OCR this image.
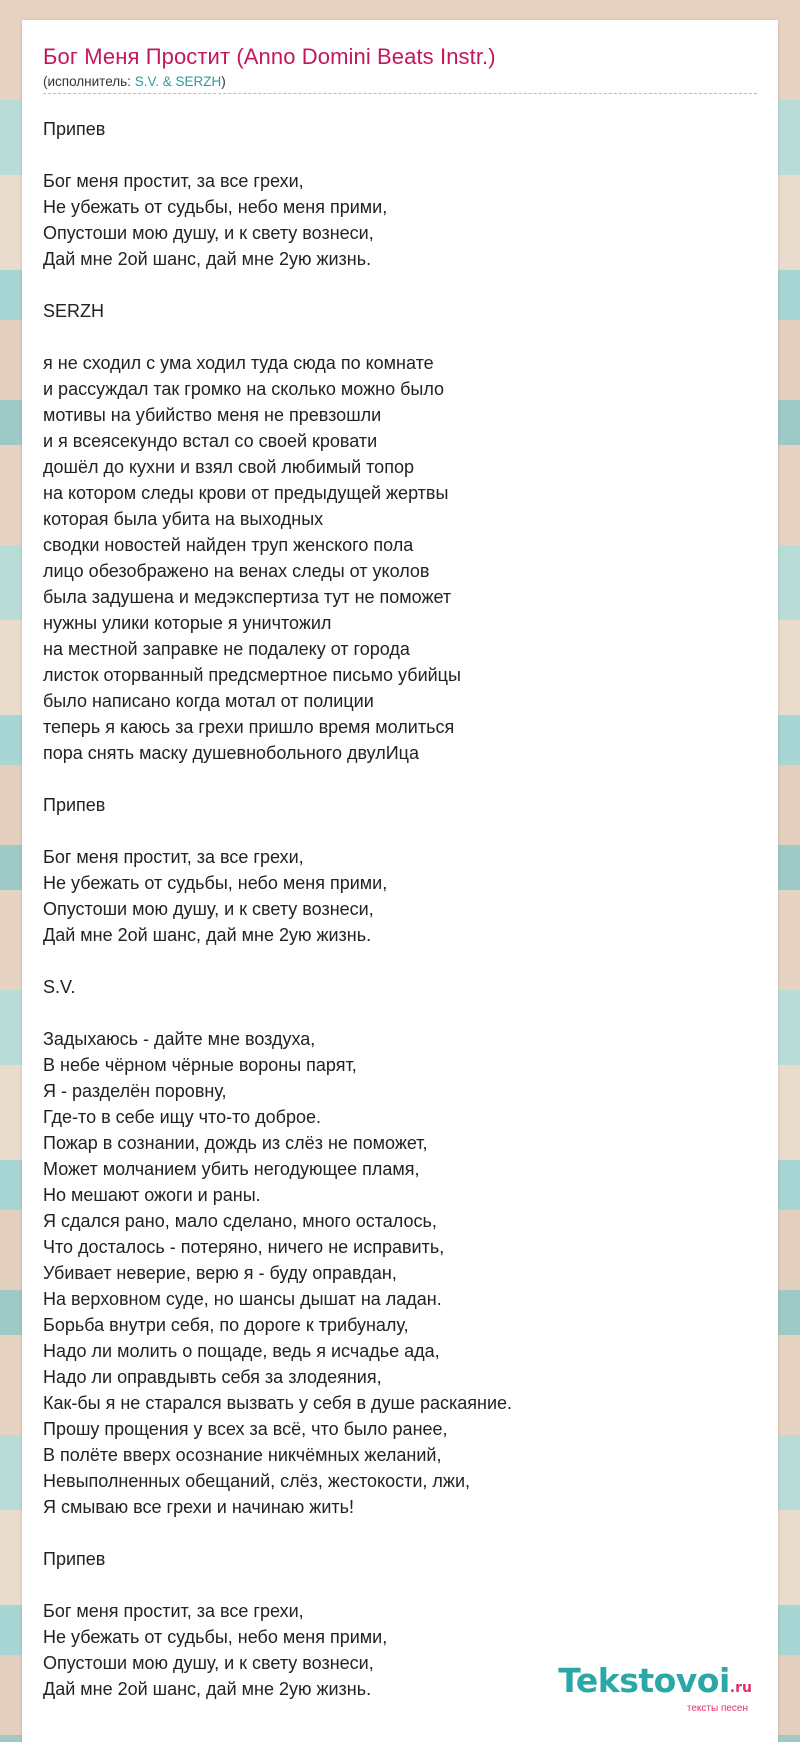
Бог Меня Простит (Anno Domini Beats Instr.)
(исполнитель: S.V. & SERZH)
Припев
Бог меня простит, за все грехи,
Не убежать от судьбы, небо меня прими,
Опустоши мою душу, и к свету вознеси,
Дай мне 2ой шанс, дай мне 2ую жизнь.
SERZH
я не сходил с ума ходил туда сюда по комнате
и рассуждал так громко на сколько можно было
мотивы на убийство меня не превзошли
и я всеясекундо встал со своей кровати
дошёл до кухни и взял свой любимый топор
на котором следы крови от предыдущей жертвы
которая была убита на выходных
сводки новостей найден труп женского пола
лицо обезображено на венах следы от уколов
была задушена и медэкспертиза тут не поможет
нужны улики которые я уничтожил
на местной заправке не подалеку от города
листок оторванный предсмертное письмо убийцы
было написано когда мотал от полиции
теперь я каюсь за грехи пришло время молиться
пора снять маску душевнобольного двулИца
Припев
Бог меня простит, за все грехи,
Не убежать от судьбы, небо меня прими,
Опустоши мою душу, и к свету вознеси,
Дай мне 2ой шанс, дай мне 2ую жизнь.
S.V.
Задыхаюсь - дайте мне воздуха,
В небе чёрном чёрные вороны парят,
Я - разделён поровну,
Где-то в себе ищу что-то доброе.
Пожар в сознании, дождь из слёз не поможет,
Может молчанием убить негодующее пламя,
Но мешают ожоги и раны.
Я сдался рано, мало сделано, много осталось,
Что досталось - потеряно, ничего не исправить,
Убивает неверие, верю я - буду оправдан,
На верховном суде, но шансы дышат на ладан.
Борьба внутри себя, по дороге к трибуналу,
Надо ли молить о пощаде, ведь я исчадье ада,
Надо ли оправдывть себя за злодеяния,
Как-бы я не старался вызвать у себя в душе раскаяние.
Прошу прощения у всех за всё, что было ранее,
В полёте вверх осознание никчёмных желаний,
Невыполненных обещаний, слёз, жестокости, лжи,
Я смываю все грехи и начинаю жить!
Припев
Бог меня простит, за все грехи,
Не убежать от судьбы, небо меня прими,
Опустоши мою душу, и к свету вознеси,
Дай мне 2ой шанс, дай мне 2ую жизнь.	Tekstovoi.ru
тексты песен
